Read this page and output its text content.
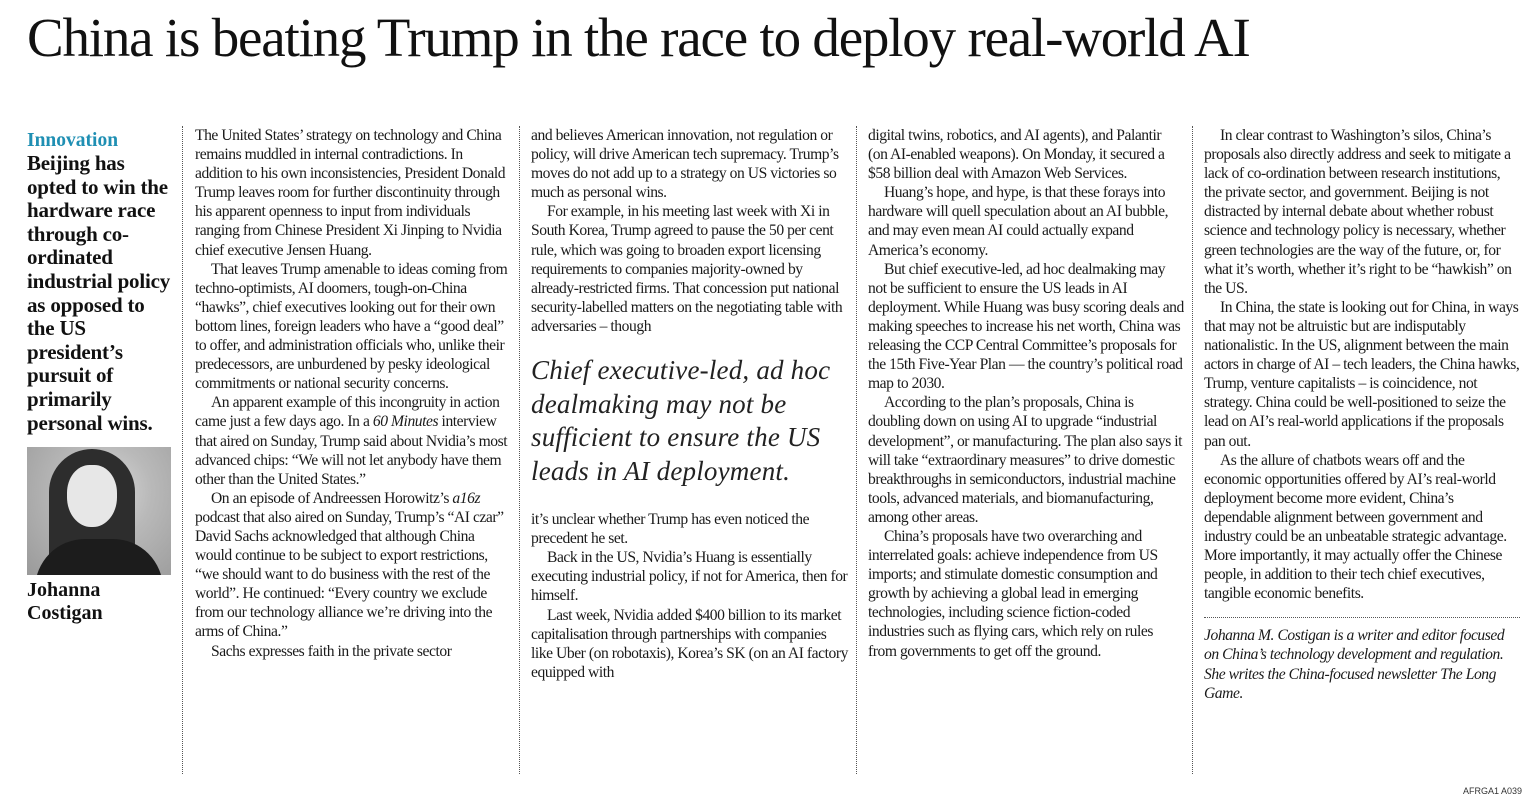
China is beating Trump in the race to deploy real-world AI
Innovation
Beijing has opted to win the hardware race through co-ordinated industrial policy as opposed to the US president’s pursuit of primarily personal wins.
Johanna
Costigan

The United States’ strategy on technology and China remains muddled in internal contradictions. In addition to his own inconsistencies, President Donald Trump leaves room for further discontinuity through his apparent openness to input from individuals ranging from Chinese President Xi Jinping to Nvidia chief executive Jensen Huang.

That leaves Trump amenable to ideas coming from techno-optimists, AI doomers, tough-on-China “hawks”, chief executives looking out for their own bottom lines, foreign leaders who have a “good deal” to offer, and administration officials who, unlike their predecessors, are unburdened by pesky ideological commitments or national security concerns.

An apparent example of this incongruity in action came just a few days ago. In a 60 Minutes interview that aired on Sunday, Trump said about Nvidia’s most advanced chips: “We will not let anybody have them other than the United States.”

On an episode of Andreessen Horowitz’s a16z podcast that also aired on Sunday, Trump’s “AI czar” David Sachs acknowledged that although China would continue to be subject to export restrictions, “we should want to do business with the rest of the world”. He continued: “Every country we exclude from our technology alliance we’re driving into the arms of China.”

Sachs expresses faith in the private sector

and believes American innovation, not regulation or policy, will drive American tech supremacy. Trump’s moves do not add up to a strategy on US victories so much as personal wins.

For example, in his meeting last week with Xi in South Korea, Trump agreed to pause the 50 per cent rule, which was going to broaden export licensing requirements to companies majority-owned by already-restricted firms. That concession put national security-labelled matters on the negotiating table with adversaries – though

Chief executive-led, ad hoc dealmaking may not be sufficient to ensure the US leads in AI deployment.

it’s unclear whether Trump has even noticed the precedent he set.

Back in the US, Nvidia’s Huang is essentially executing industrial policy, if not for America, then for himself.

Last week, Nvidia added $400 billion to its market capitalisation through partnerships with companies like Uber (on robotaxis), Korea’s SK (on an AI factory equipped with

digital twins, robotics, and AI agents), and Palantir (on AI-enabled weapons). On Monday, it secured a $58 billion deal with Amazon Web Services.

Huang’s hope, and hype, is that these forays into hardware will quell speculation about an AI bubble, and may even mean AI could actually expand America’s economy.

But chief executive-led, ad hoc dealmaking may not be sufficient to ensure the US leads in AI deployment. While Huang was busy scoring deals and making speeches to increase his net worth, China was releasing the CCP Central Committee’s proposals for the 15th Five-Year Plan — the country’s political road map to 2030.

According to the plan’s proposals, China is doubling down on using AI to upgrade “industrial development”, or manufacturing. The plan also says it will take “extraordinary measures” to drive domestic breakthroughs in semiconductors, industrial machine tools, advanced materials, and biomanufacturing, among other areas.

China’s proposals have two overarching and interrelated goals: achieve independence from US imports; and stimulate domestic consumption and growth by achieving a global lead in emerging technologies, including science fiction-coded industries such as flying cars, which rely on rules from governments to get off the ground.

In clear contrast to Washington’s silos, China’s proposals also directly address and seek to mitigate a lack of co-ordination between research institutions, the private sector, and government. Beijing is not distracted by internal debate about whether robust science and technology policy is necessary, whether green technologies are the way of the future, or, for what it’s worth, whether it’s right to be “hawkish” on the US.

In China, the state is looking out for China, in ways that may not be altruistic but are indisputably nationalistic. In the US, alignment between the main actors in charge of AI – tech leaders, the China hawks, Trump, venture capitalists – is coincidence, not strategy. China could be well-positioned to seize the lead on AI’s real-world applications if the proposals pan out.

As the allure of chatbots wears off and the economic opportunities offered by AI’s real-world deployment become more evident, China’s dependable alignment between government and industry could be an unbeatable strategic advantage. More importantly, it may actually offer the Chinese people, in addition to their tech chief executives, tangible economic benefits.

Johanna M. Costigan is a writer and editor focused on China’s technology development and regulation. She writes the China-focused newsletter The Long Game.

AFRGA1 A039
